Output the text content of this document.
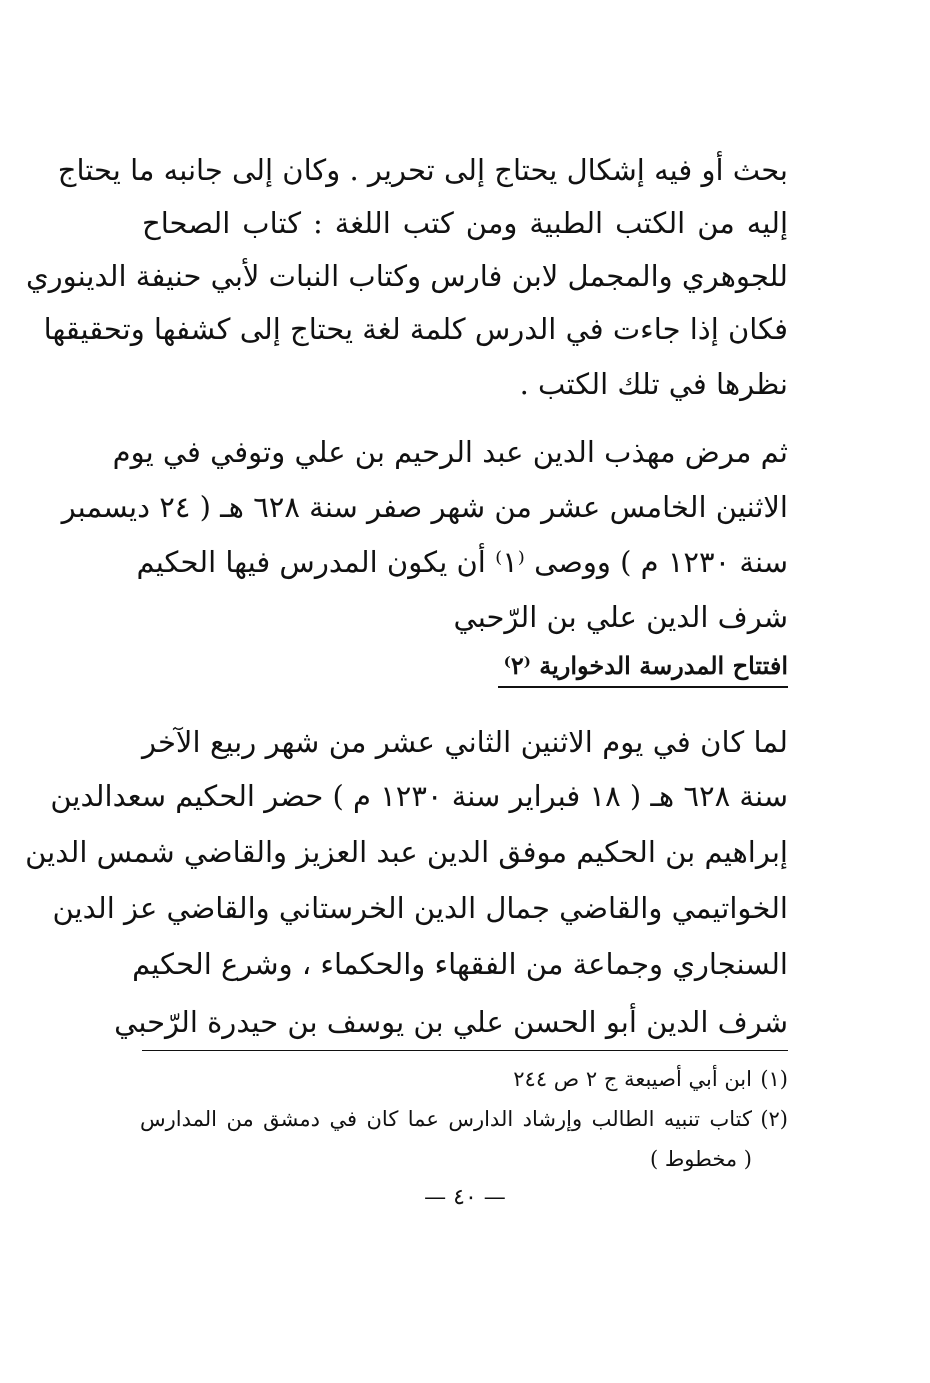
بحث أو فيه إشكال يحتاج إلى تحرير . وكان إلى جانبه ما يحتاج
إليه من الكتب الطبية ومن كتب اللغة : كتاب الصحاح
للجوهري والمجمل لابن فارس وكتاب النبات لأبي حنيفة الدينوري
فكان إذا جاءت في الدرس كلمة لغة يحتاج إلى كشفها وتحقيقها
نظرها في تلك الكتب .
ثم مرض مهذب الدين عبد الرحيم بن علي وتوفي في يوم
الاثنين الخامس عشر من شهر صفر سنة ٦٢٨ هـ ( ٢٤ ديسمبر
سنة ١٢٣٠ م ) ووصى ⁽١⁾ أن يكون المدرس فيها الحكيم
شرف الدين علي بن الرّحبي
افتتاح المدرسة الدخوارية ⁽٢⁾
لما كان في يوم الاثنين الثاني عشر من شهر ربيع الآخر
سنة ٦٢٨ هـ ( ١٨ فبراير سنة ١٢٣٠ م ) حضر الحكيم سعدالدين
إبراهيم بن الحكيم موفق الدين عبد العزيز والقاضي شمس الدين
الخواتيمي والقاضي جمال الدين الخرستاني والقاضي عز الدين
السنجاري وجماعة من الفقهاء والحكماء ، وشرع الحكيم
شرف الدين أبو الحسن علي بن يوسف بن حيدرة الرّحبي
(١)
ابن أبي أصيبعة ج ٢ ص ٢٤٤
(٢)
كتاب تنبيه الطالب وإرشاد الدارس عما كان في دمشق من المدارس
( مخطوط )
— ٤٠ —
